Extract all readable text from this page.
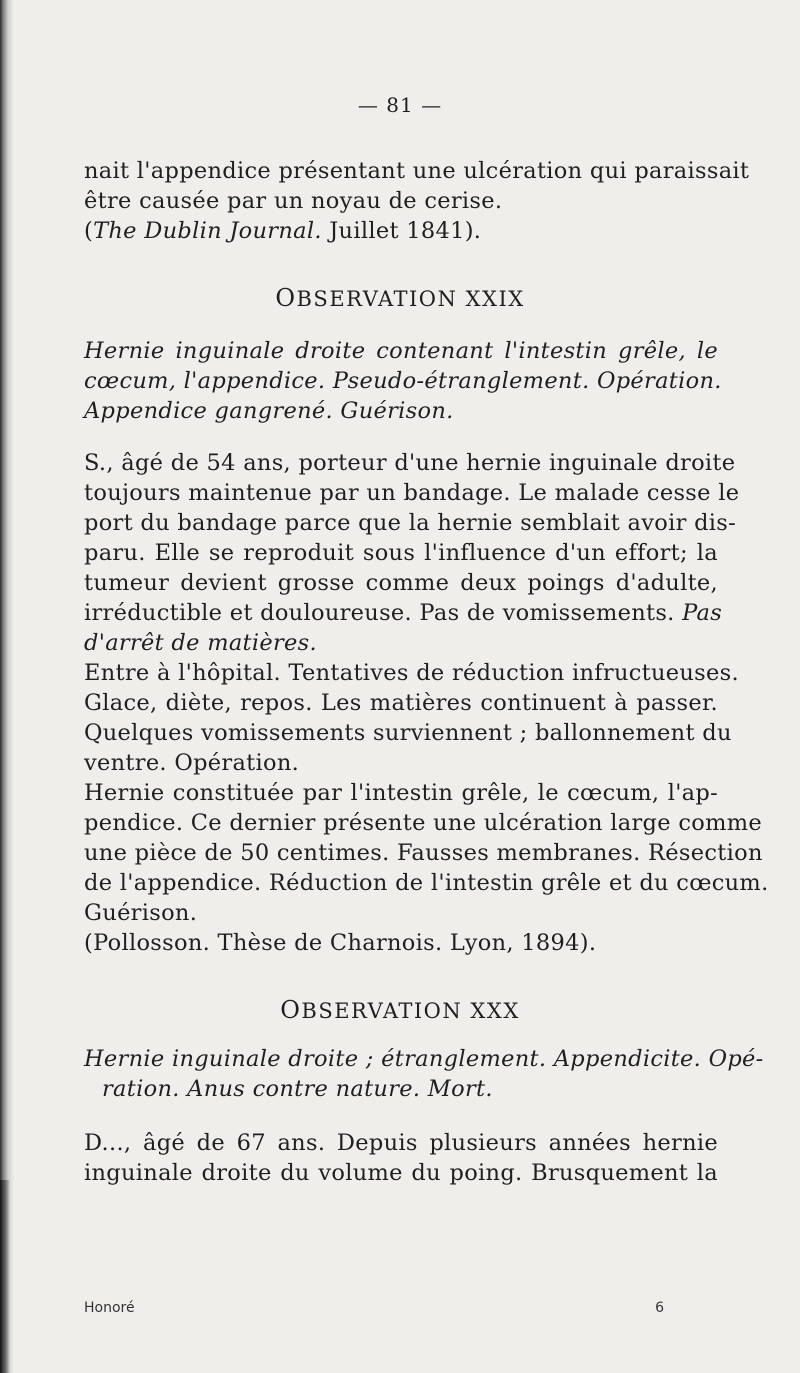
— 81 —
nait l'appendice présentant une ulcération qui paraissait
être causée par un noyau de cerise.
(The Dublin Journal. Juillet 1841).
OBSERVATION XXIX
Hernie inguinale droite contenant l'intestin grêle, le
cœcum, l'appendice. Pseudo-étranglement. Opération.
Appendice gangrené. Guérison.
S., âgé de 54 ans, porteur d'une hernie inguinale droite
toujours maintenue par un bandage. Le malade cesse le
port du bandage parce que la hernie semblait avoir dis-
paru. Elle se reproduit sous l'influence d'un effort; la
tumeur devient grosse comme deux poings d'adulte,
irréductible et douloureuse. Pas de vomissements. Pas
d'arrêt de matières.
Entre à l'hôpital. Tentatives de réduction infructueuses.
Glace, diète, repos. Les matières continuent à passer.
Quelques vomissements surviennent ; ballonnement du
ventre. Opération.
Hernie constituée par l'intestin grêle, le cœcum, l'ap-
pendice. Ce dernier présente une ulcération large comme
une pièce de 50 centimes. Fausses membranes. Résection
de l'appendice. Réduction de l'intestin grêle et du cœcum.
Guérison.
(Pollosson. Thèse de Charnois. Lyon, 1894).
OBSERVATION XXX
Hernie inguinale droite ; étranglement. Appendicite. Opé-
ration. Anus contre nature. Mort.
D..., âgé de 67 ans. Depuis plusieurs années hernie
inguinale droite du volume du poing. Brusquement la
Honoré	6
